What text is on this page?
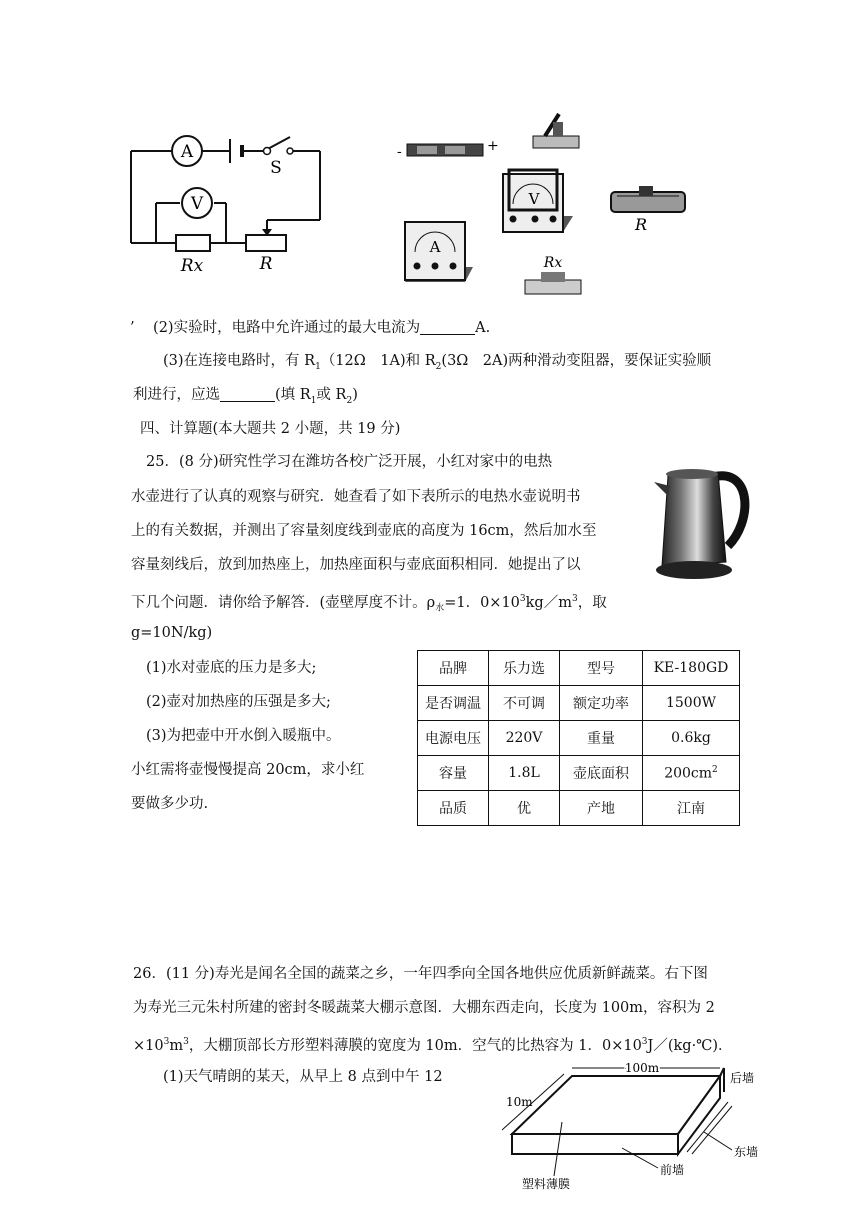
A
S
V
Rx	R
-	+
V
A
Rx
R
’ (2)实验时，电路中允许通过的最大电流为	A.
(3)在连接电路时，有 $R_1(12\Omega$　1A)和 $R_2(3\Omega$　2A)两种滑动变阻器，要保证实验顺
利进行，应选	(填 $R_1$或 $R_2$)
四、计算题(本大题共 2 小题，共 19 分)
25．(8 分)研究性学习在潍坊各校广泛开展，小红对家中的电热
水壶进行了认真的观察与研究．她查看了如下表所示的电热水壶说明书
上的有关数据，并测出了容量刻度线到壶底的高度为 16cm，然后加水至
容量刻线后，放到加热座上，加热座面积与壶底面积相同．她提出了以
下几个问题．请你给予解答．(壶壁厚度不计。$\rho_水=1$．$0\times 10^3kg/m^3$，取
g=10N/kg)
(1)水对壶底的压力是多大;
(2)壶对加热座的压强是多大;
(3)为把壶中开水倒入暖瓶中。
小红需将壶慢慢提高 20cm，求小红
要做多少功.
品脾	乐力选	型号	KE-180GD
是否调温	不可调	额定功率	1500W
电源电压	220V	重量	0.6kg
容量	1.8L	壶底面积	$200cm^2$
品质	优	产地	江南
26．(11 分)寿光是闻名全国的蔬菜之乡，一年四季向全国各地供应优质新鲜蔬菜。右下图
为寿光三元朱村所建的密封冬暖蔬菜大棚示意图．大棚东西走向，长度为 100m，容积为 2
$\times 10^3m^3$，大棚顶部长方形塑料薄膜的宽度为 10m．空气的比热容为 1．$0\times 10^3J/(kg\cdot℃)$．
(1)天气晴朗的某天，从早上 8 点到中午 12
100m
10m
后墙
东墙
前墙
塑料薄膜
